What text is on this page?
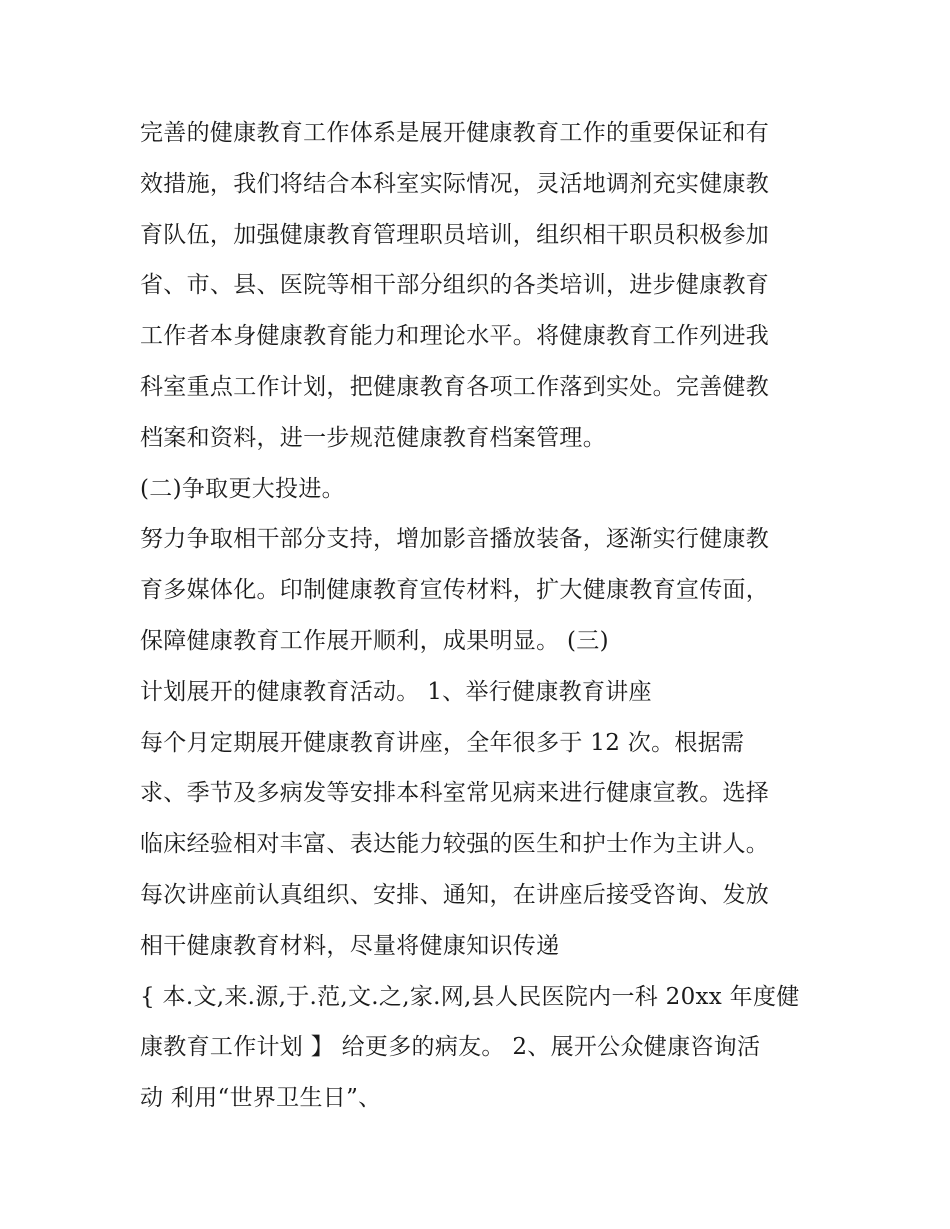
完善的健康教育工作体系是展开健康教育工作的重要保证和有
效措施，我们将结合本科室实际情况，灵活地调剂充实健康教
育队伍，加强健康教育管理职员培训，组织相干职员积极参加
省、市、县、医院等相干部分组织的各类培训，进步健康教育
工作者本身健康教育能力和理论水平。将健康教育工作列进我
科室重点工作计划，把健康教育各项工作落到实处。完善健教
档案和资料，进一步规范健康教育档案管理。
(二)争取更大投进。
努力争取相干部分支持，增加影音播放装备，逐渐实行健康教
育多媒体化。印制健康教育宣传材料，扩大健康教育宣传面，
保障健康教育工作展开顺利，成果明显。 (三)
计划展开的健康教育活动。 1、举行健康教育讲座
每个月定期展开健康教育讲座，全年很多于 12 次。根据需
求、季节及多病发等安排本科室常见病来进行健康宣教。选择
临床经验相对丰富、表达能力较强的医生和护士作为主讲人。
每次讲座前认真组织、安排、通知，在讲座后接受咨询、发放
相干健康教育材料，尽量将健康知识传递
{ 本.文,来.源,于.范,文.之,家.网,县人民医院内一科 20xx 年度健
康教育工作计划 】 给更多的病友。 2、展开公众健康咨询活
动 利用“世界卫生日”、
